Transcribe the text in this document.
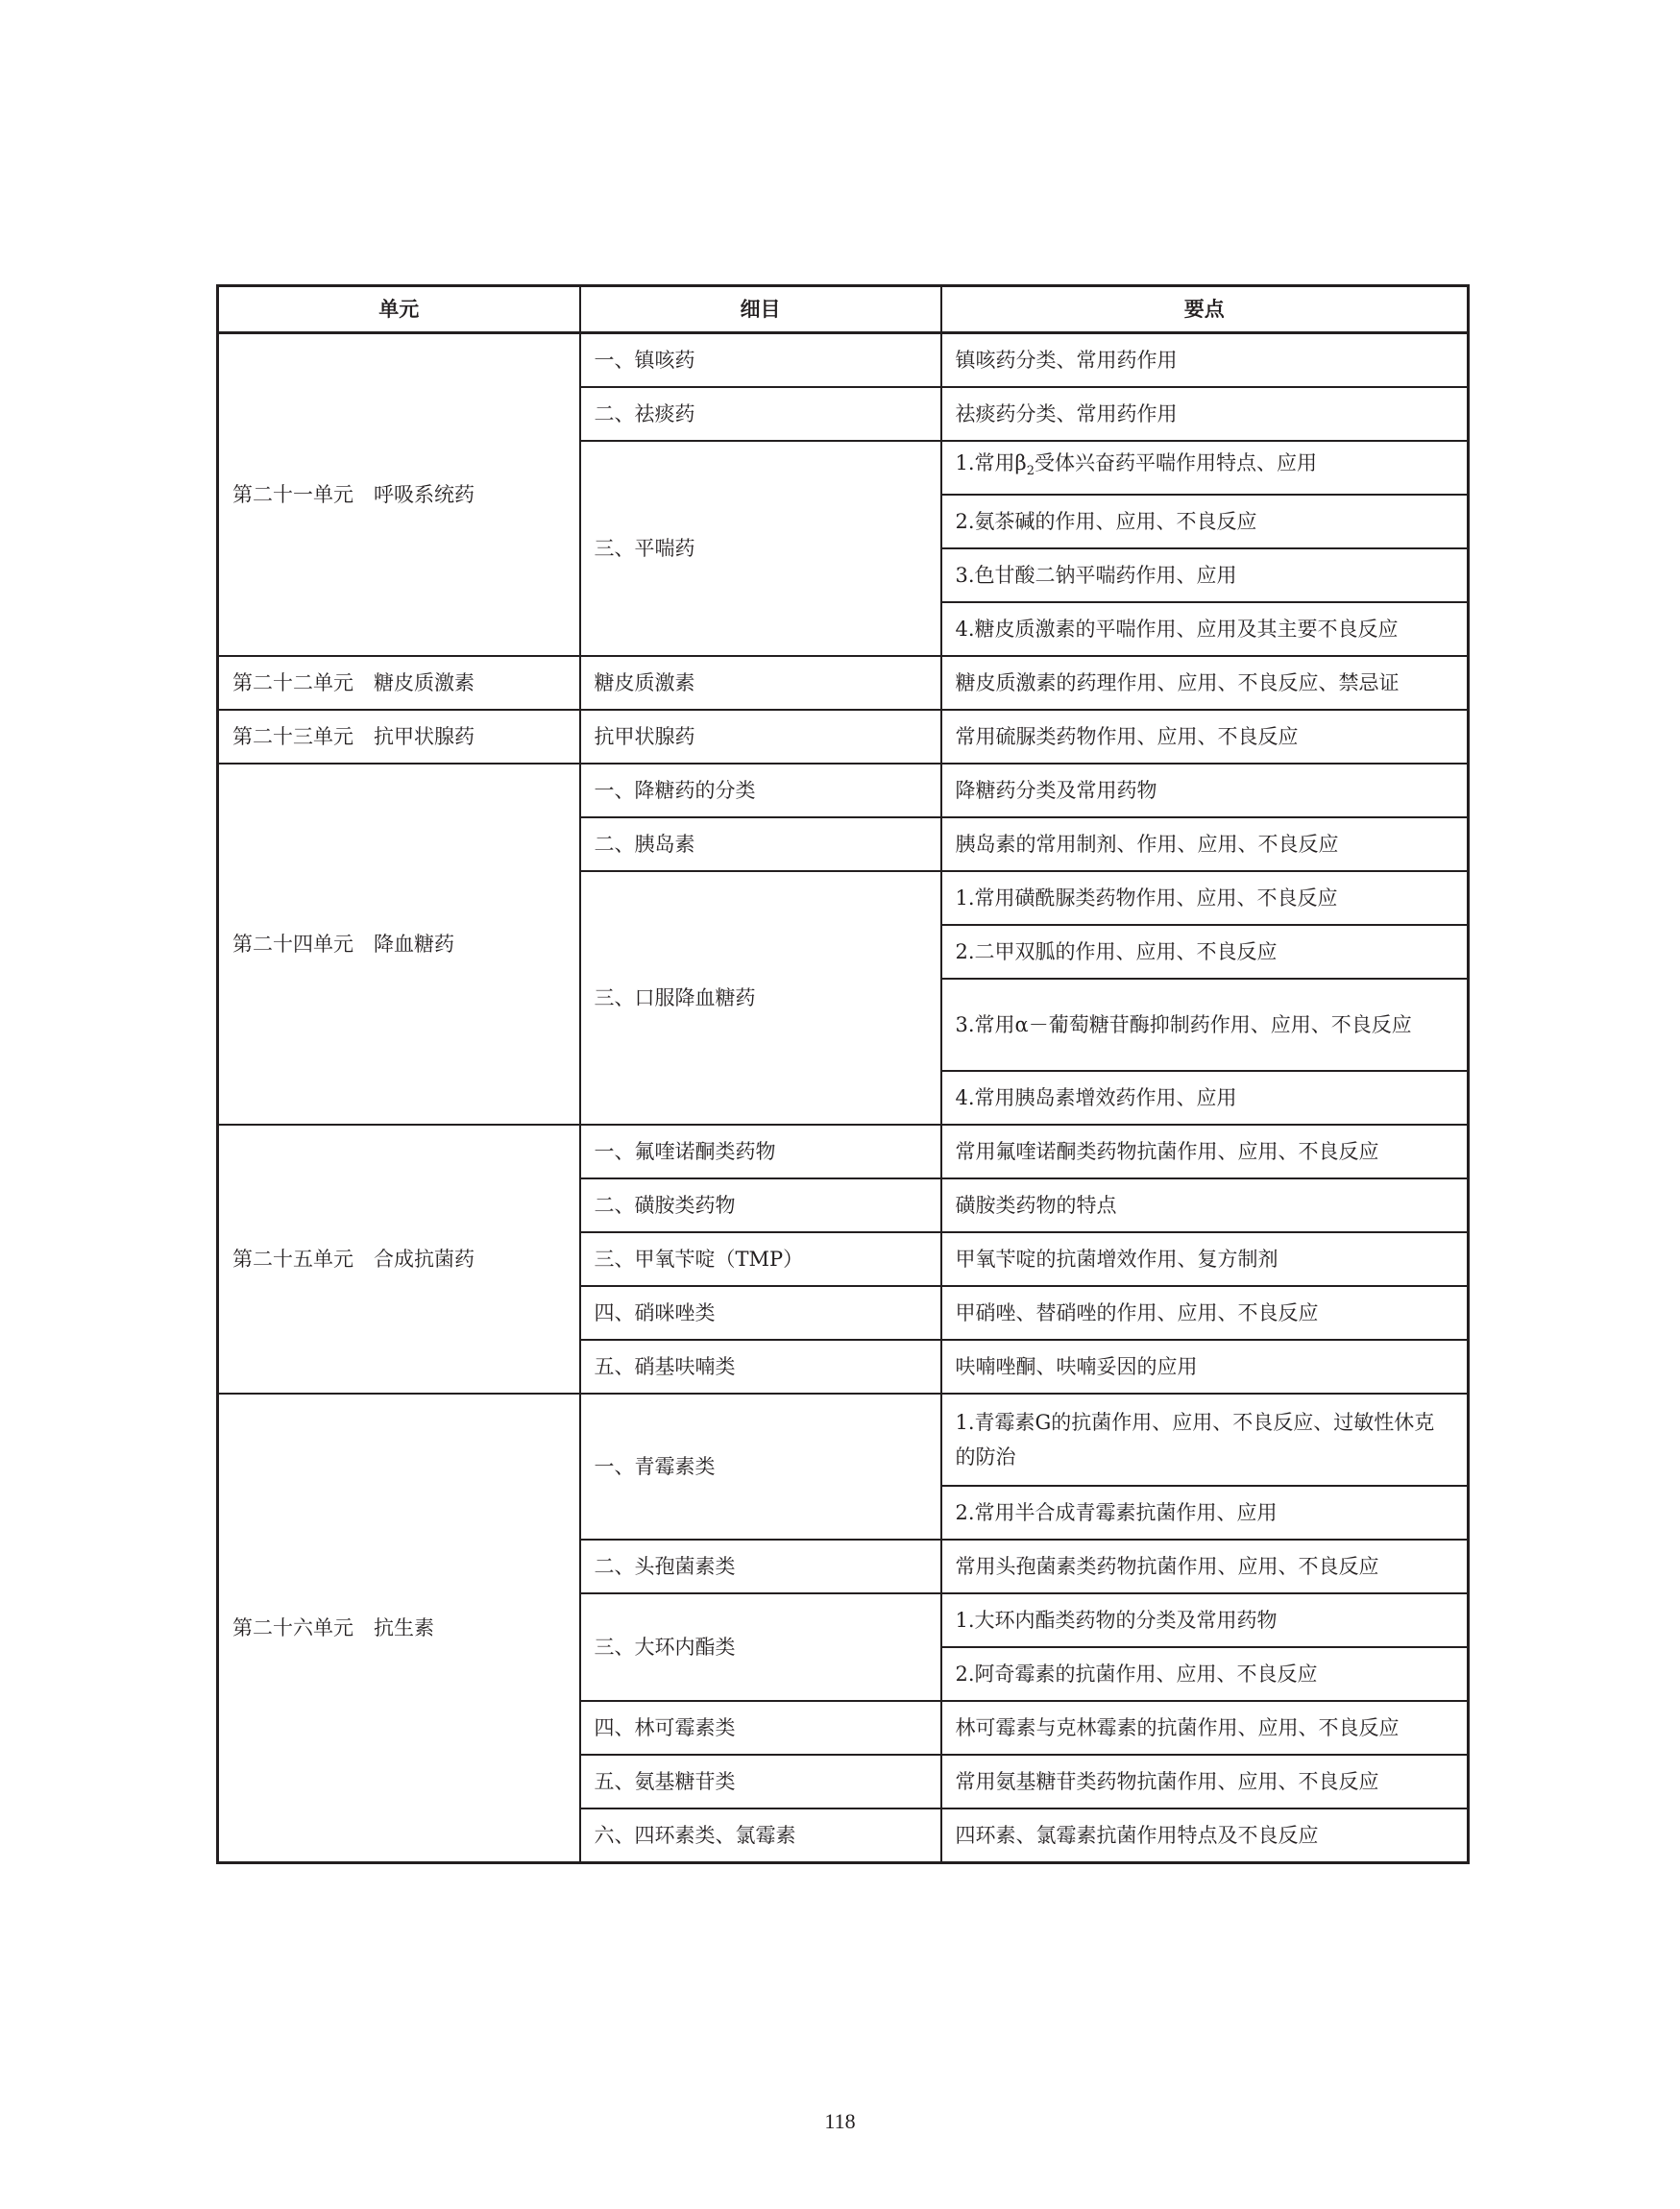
单元	细目	要点
第二十一单元　呼吸系统药	一、镇咳药	镇咳药分类、常用药作用
	二、祛痰药	祛痰药分类、常用药作用
	三、平喘药	1.常用$\beta_2$受体兴奋药平喘作用特点、应用
		2.氨茶碱的作用、应用、不良反应
		3.色甘酸二钠平喘药作用、应用
		4.糖皮质激素的平喘作用、应用及其主要不良反应
第二十二单元　糖皮质激素	糖皮质激素	糖皮质激素的药理作用、应用、不良反应、禁忌证
第二十三单元　抗甲状腺药	抗甲状腺药	常用硫脲类药物作用、应用、不良反应
第二十四单元　降血糖药	一、降糖药的分类	降糖药分类及常用药物
	二、胰岛素	胰岛素的常用制剂、作用、应用、不良反应
	三、口服降血糖药	1.常用磺酰脲类药物作用、应用、不良反应
		2.二甲双胍的作用、应用、不良反应
		3.常用α－葡萄糖苷酶抑制药作用、应用、不良反应
		4.常用胰岛素增效药作用、应用
第二十五单元　合成抗菌药	一、氟喹诺酮类药物	常用氟喹诺酮类药物抗菌作用、应用、不良反应
	二、磺胺类药物	磺胺类药物的特点
	三、甲氧苄啶（TMP）	甲氧苄啶的抗菌增效作用、复方制剂
	四、硝咪唑类	甲硝唑、替硝唑的作用、应用、不良反应
	五、硝基呋喃类	呋喃唑酮、呋喃妥因的应用
第二十六单元　抗生素	一、青霉素类	1.青霉素G的抗菌作用、应用、不良反应、过敏性休克的防治
		2.常用半合成青霉素抗菌作用、应用
	二、头孢菌素类	常用头孢菌素类药物抗菌作用、应用、不良反应
	三、大环内酯类	1.大环内酯类药物的分类及常用药物
		2.阿奇霉素的抗菌作用、应用、不良反应
	四、林可霉素类	林可霉素与克林霉素的抗菌作用、应用、不良反应
	五、氨基糖苷类	常用氨基糖苷类药物抗菌作用、应用、不良反应
	六、四环素类、氯霉素	四环素、氯霉素抗菌作用特点及不良反应
118
